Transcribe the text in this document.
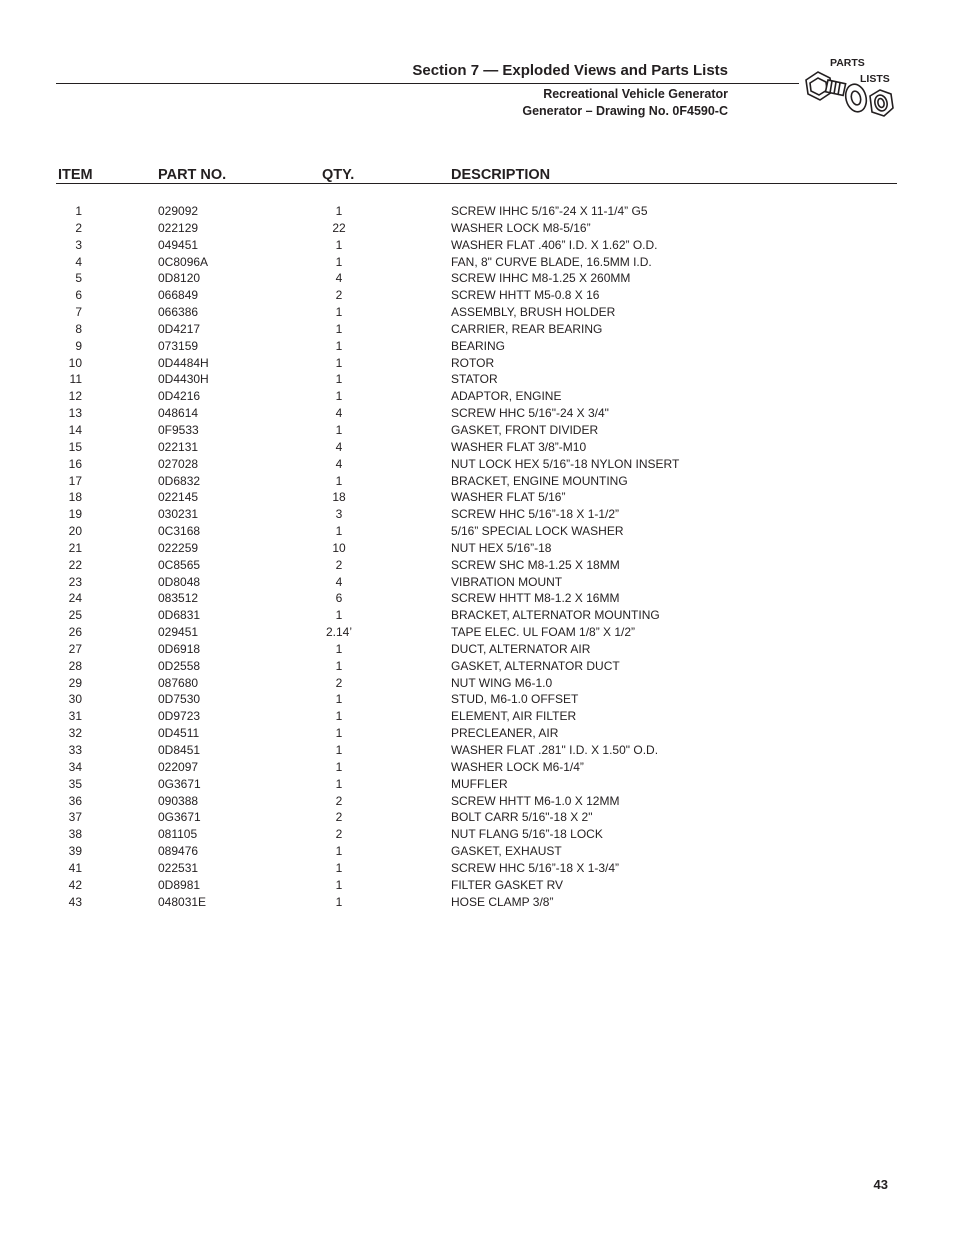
Section 7 — Exploded Views and Parts Lists
Recreational Vehicle Generator
Generator – Drawing No. 0F4590-C
PARTS
LISTS
ITEM	PART NO.	QTY.	DESCRIPTION
1	029092	1	SCREW IHHC 5/16”-24 X 11-1/4” G5
2	022129	22	WASHER LOCK M8-5/16”
3	049451	1	WASHER FLAT .406” I.D. X 1.62” O.D.
4	0C8096A	1	FAN, 8" CURVE BLADE, 16.5MM I.D.
5	0D8120	4	SCREW IHHC M8-1.25 X 260MM
6	066849	2	SCREW HHTT M5-0.8 X 16
7	066386	1	ASSEMBLY, BRUSH HOLDER
8	0D4217	1	CARRIER, REAR BEARING
9	073159	1	BEARING
10	0D4484H	1	ROTOR
11	0D4430H	1	STATOR
12	0D4216	1	ADAPTOR, ENGINE
13	048614	4	SCREW HHC 5/16"-24 X 3/4"
14	0F9533	1	GASKET, FRONT DIVIDER
15	022131	4	WASHER FLAT 3/8”-M10
16	027028	4	NUT LOCK HEX 5/16”-18 NYLON INSERT
17	0D6832	1	BRACKET, ENGINE MOUNTING
18	022145	18	WASHER FLAT 5/16”
19	030231	3	SCREW HHC 5/16”-18 X 1-1/2”
20	0C3168	1	5/16” SPECIAL LOCK WASHER
21	022259	10	NUT HEX 5/16”-18
22	0C8565	2	SCREW SHC M8-1.25 X 18MM
23	0D8048	4	VIBRATION MOUNT
24	083512	6	SCREW HHTT M8-1.2 X 16MM
25	0D6831	1	BRACKET, ALTERNATOR MOUNTING
26	029451	2.14’	TAPE ELEC. UL FOAM 1/8” X 1/2”
27	0D6918	1	DUCT, ALTERNATOR AIR
28	0D2558	1	GASKET, ALTERNATOR DUCT
29	087680	2	NUT WING M6-1.0
30	0D7530	1	STUD, M6-1.0 OFFSET
31	0D9723	1	ELEMENT, AIR FILTER
32	0D4511	1	PRECLEANER, AIR
33	0D8451	1	WASHER FLAT .281" I.D. X 1.50" O.D.
34	022097	1	WASHER LOCK M6-1/4”
35	0G3671	1	MUFFLER
36	090388	2	SCREW HHTT M6-1.0 X 12MM
37	0G3671	2	BOLT CARR 5/16"-18 X 2"
38	081105	2	NUT FLANG 5/16”-18 LOCK
39	089476	1	GASKET, EXHAUST
41	022531	1	SCREW HHC 5/16”-18 X 1-3/4”
42	0D8981	1	FILTER GASKET RV
43	048031E	1	HOSE CLAMP 3/8”
43
